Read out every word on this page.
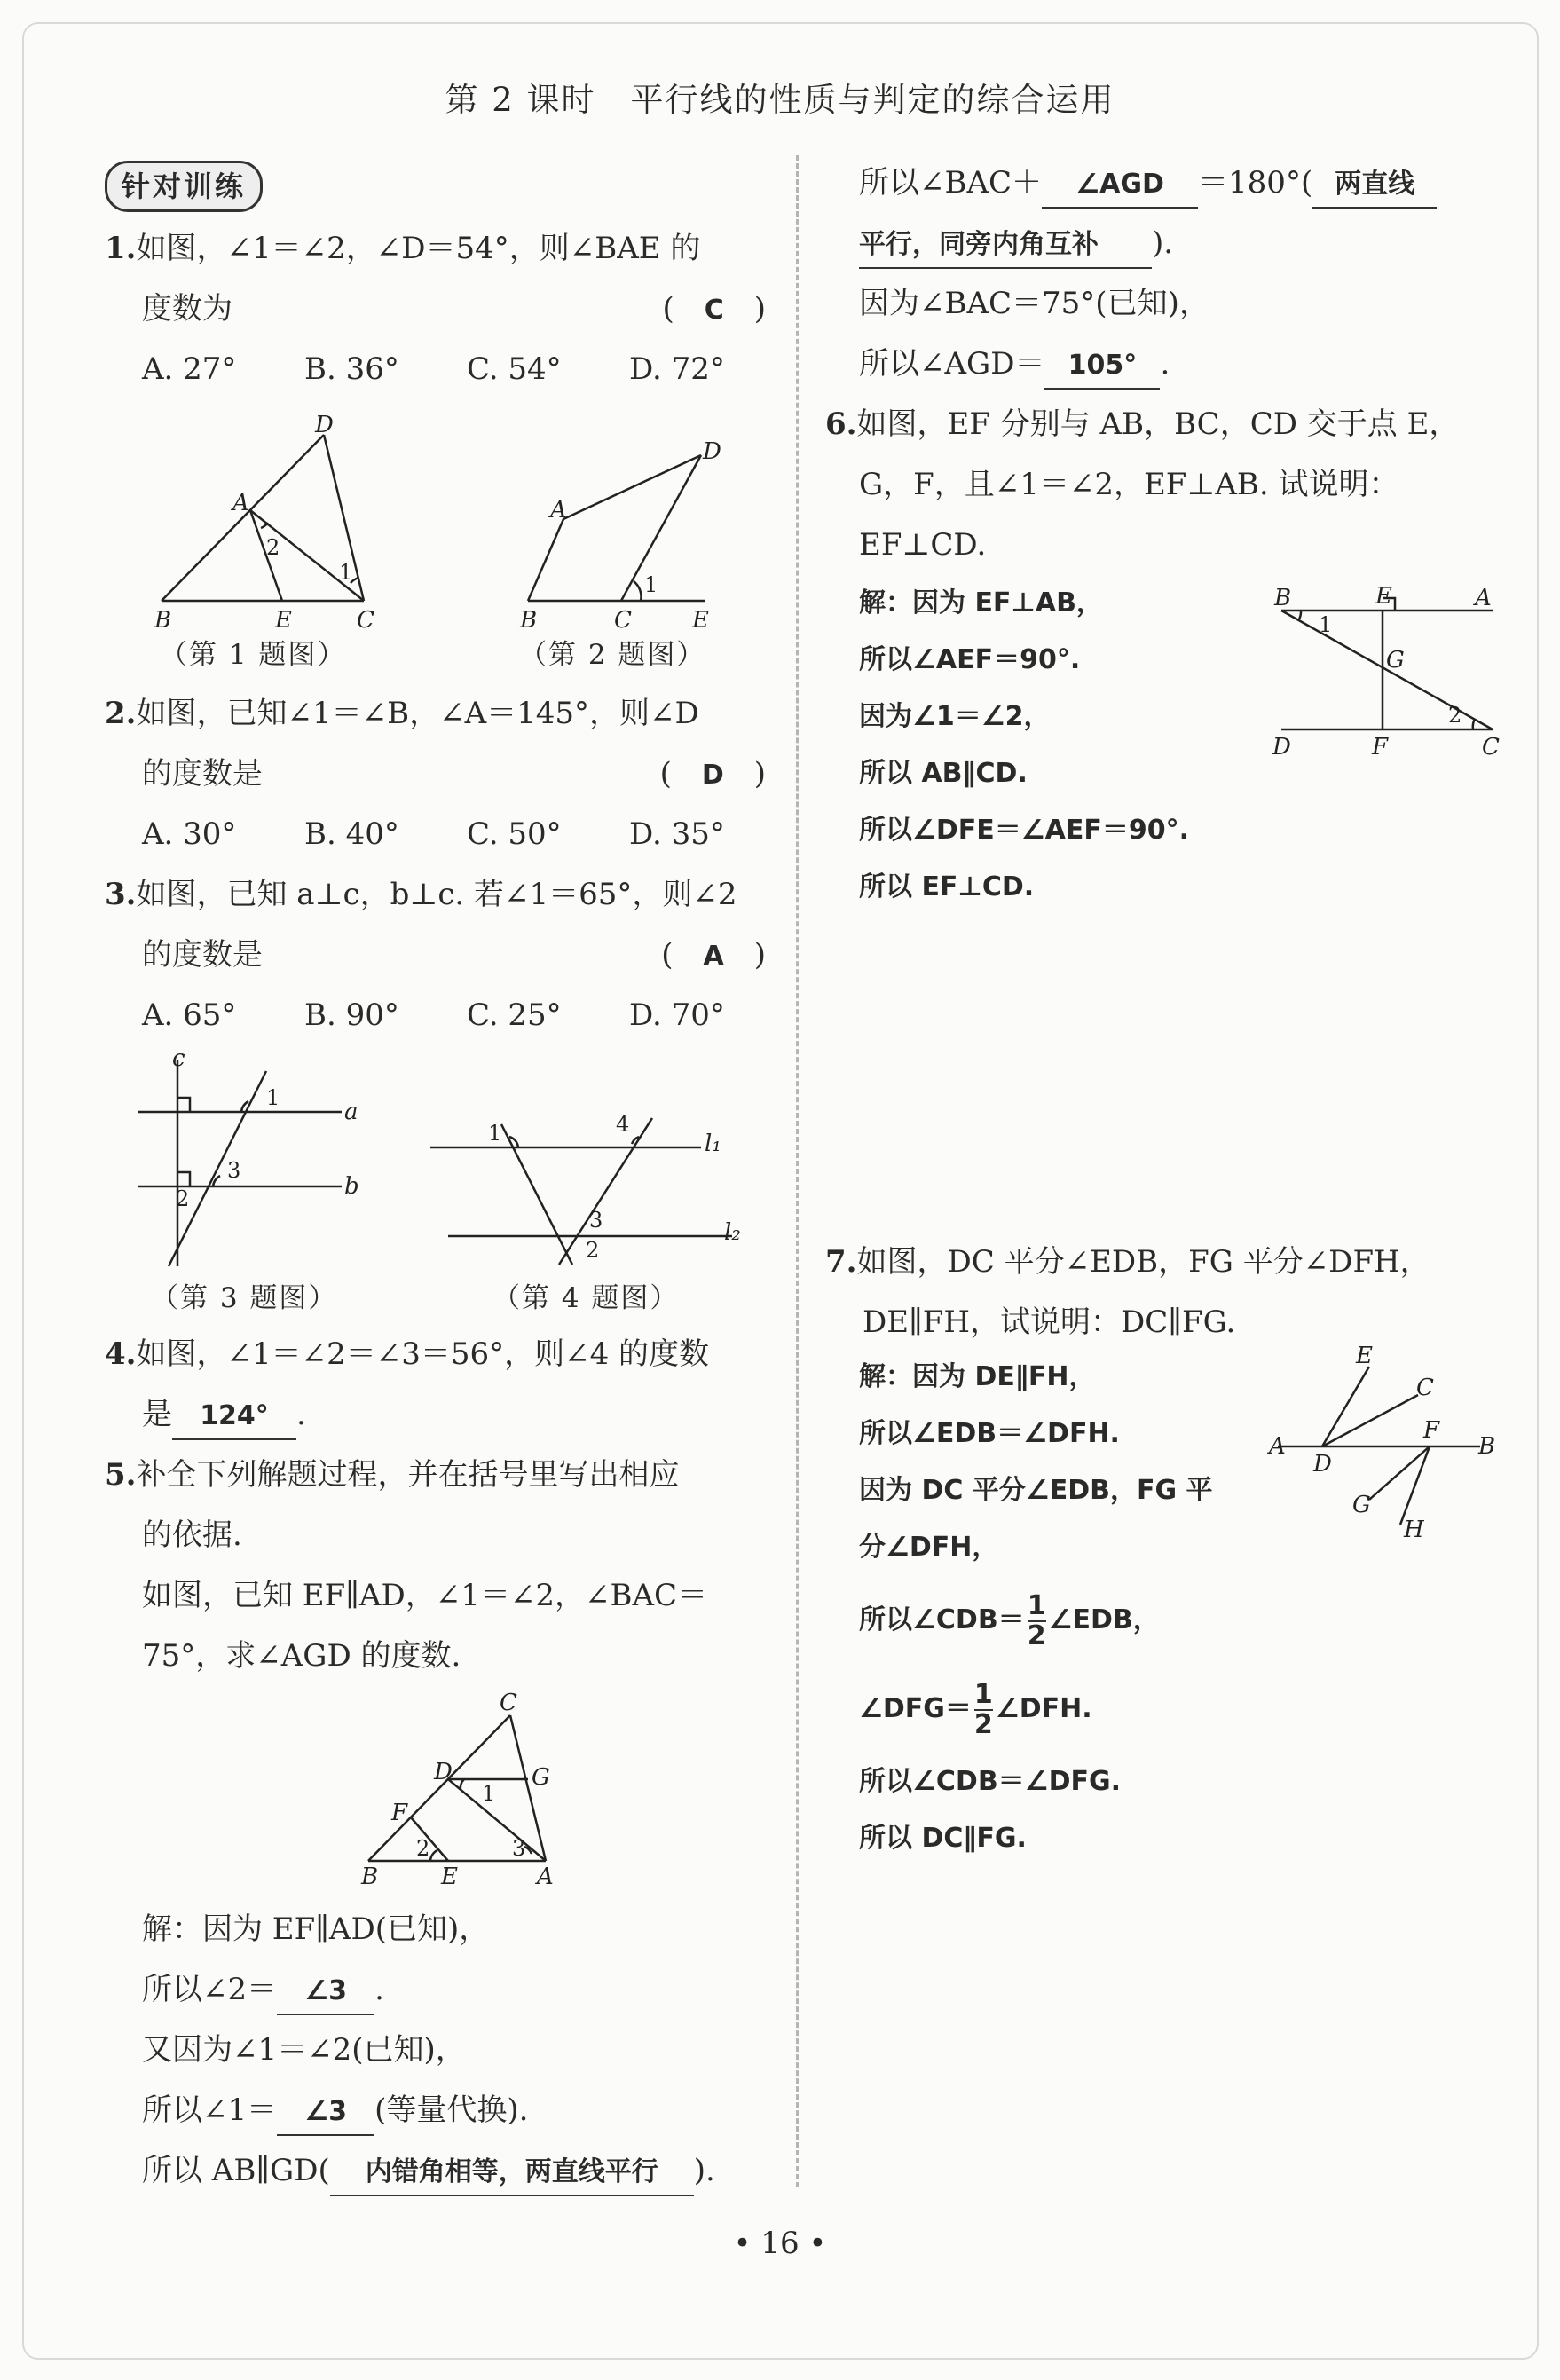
第 2 课时　平行线的性质与判定的综合运用

针对训练

1.如图，∠1＝∠2，∠D＝54°，则∠BAE 的

度数为	(　C　)

A. 27° B. 36° C. 54° D. 72°

D
A
2
1
B	E	C
（第 1 题图）
D
A
1
B	C	E
（第 2 题图）

2.如图，已知∠1＝∠B，∠A＝145°，则∠D

的度数是	(　D　)

A. 30° B. 40° C. 50° D. 35°

3.如图，已知 a⊥c，b⊥c. 若∠1＝65°，则∠2

的度数是	(　A　)

A. 65° B. 90° C. 25° D. 70°

c
1
a
3
b
2
（第 3 题图）
1	4
l₁
3
2
l₂
（第 4 题图）

4.如图，∠1＝∠2＝∠3＝56°，则∠4 的度数

是 124° .

5.补全下列解题过程，并在括号里写出相应

的依据.

如图，已知 EF∥AD，∠1＝∠2，∠BAC＝

75°，求∠AGD 的度数.

C
D	G
1
F
2	3
B	E	A

解：因为 EF∥AD(已知)，

所以∠2＝ ∠3 .

又因为∠1＝∠2(已知)，

所以∠1＝ ∠3 (等量代换).

所以 AB∥GD( 内错角相等，两直线平行 ).

所以∠BAC＋ ∠AGD ＝180°( 两直线

平行，同旁内角互补 ).

因为∠BAC＝75°(已知)，

所以∠AGD＝ 105° .

6.如图，EF 分别与 AB，BC，CD 交于点 E，

G，F，且∠1＝∠2，EF⊥AB. 试说明：

EF⊥CD.

解：因为 EF⊥AB，

所以∠AEF＝90°.

因为∠1＝∠2，

所以 AB∥CD.

所以∠DFE＝∠AEF＝90°.

所以 EF⊥CD.

B	E	A
1
G
2
D	F	C

7.如图，DC 平分∠EDB，FG 平分∠DFH，

DE∥FH，试说明：DC∥FG.

解：因为 DE∥FH，

所以∠EDB＝∠DFH.

因为 DC 平分∠EDB，FG 平

分∠DFH，

所以∠CDB＝ $\frac{1}{2}$ ∠EDB，

∠DFG＝ $\frac{1}{2}$ ∠DFH.

所以∠CDB＝∠DFG.

所以 DC∥FG.

E
C
A
F
B
D
G
H
• 16 •
